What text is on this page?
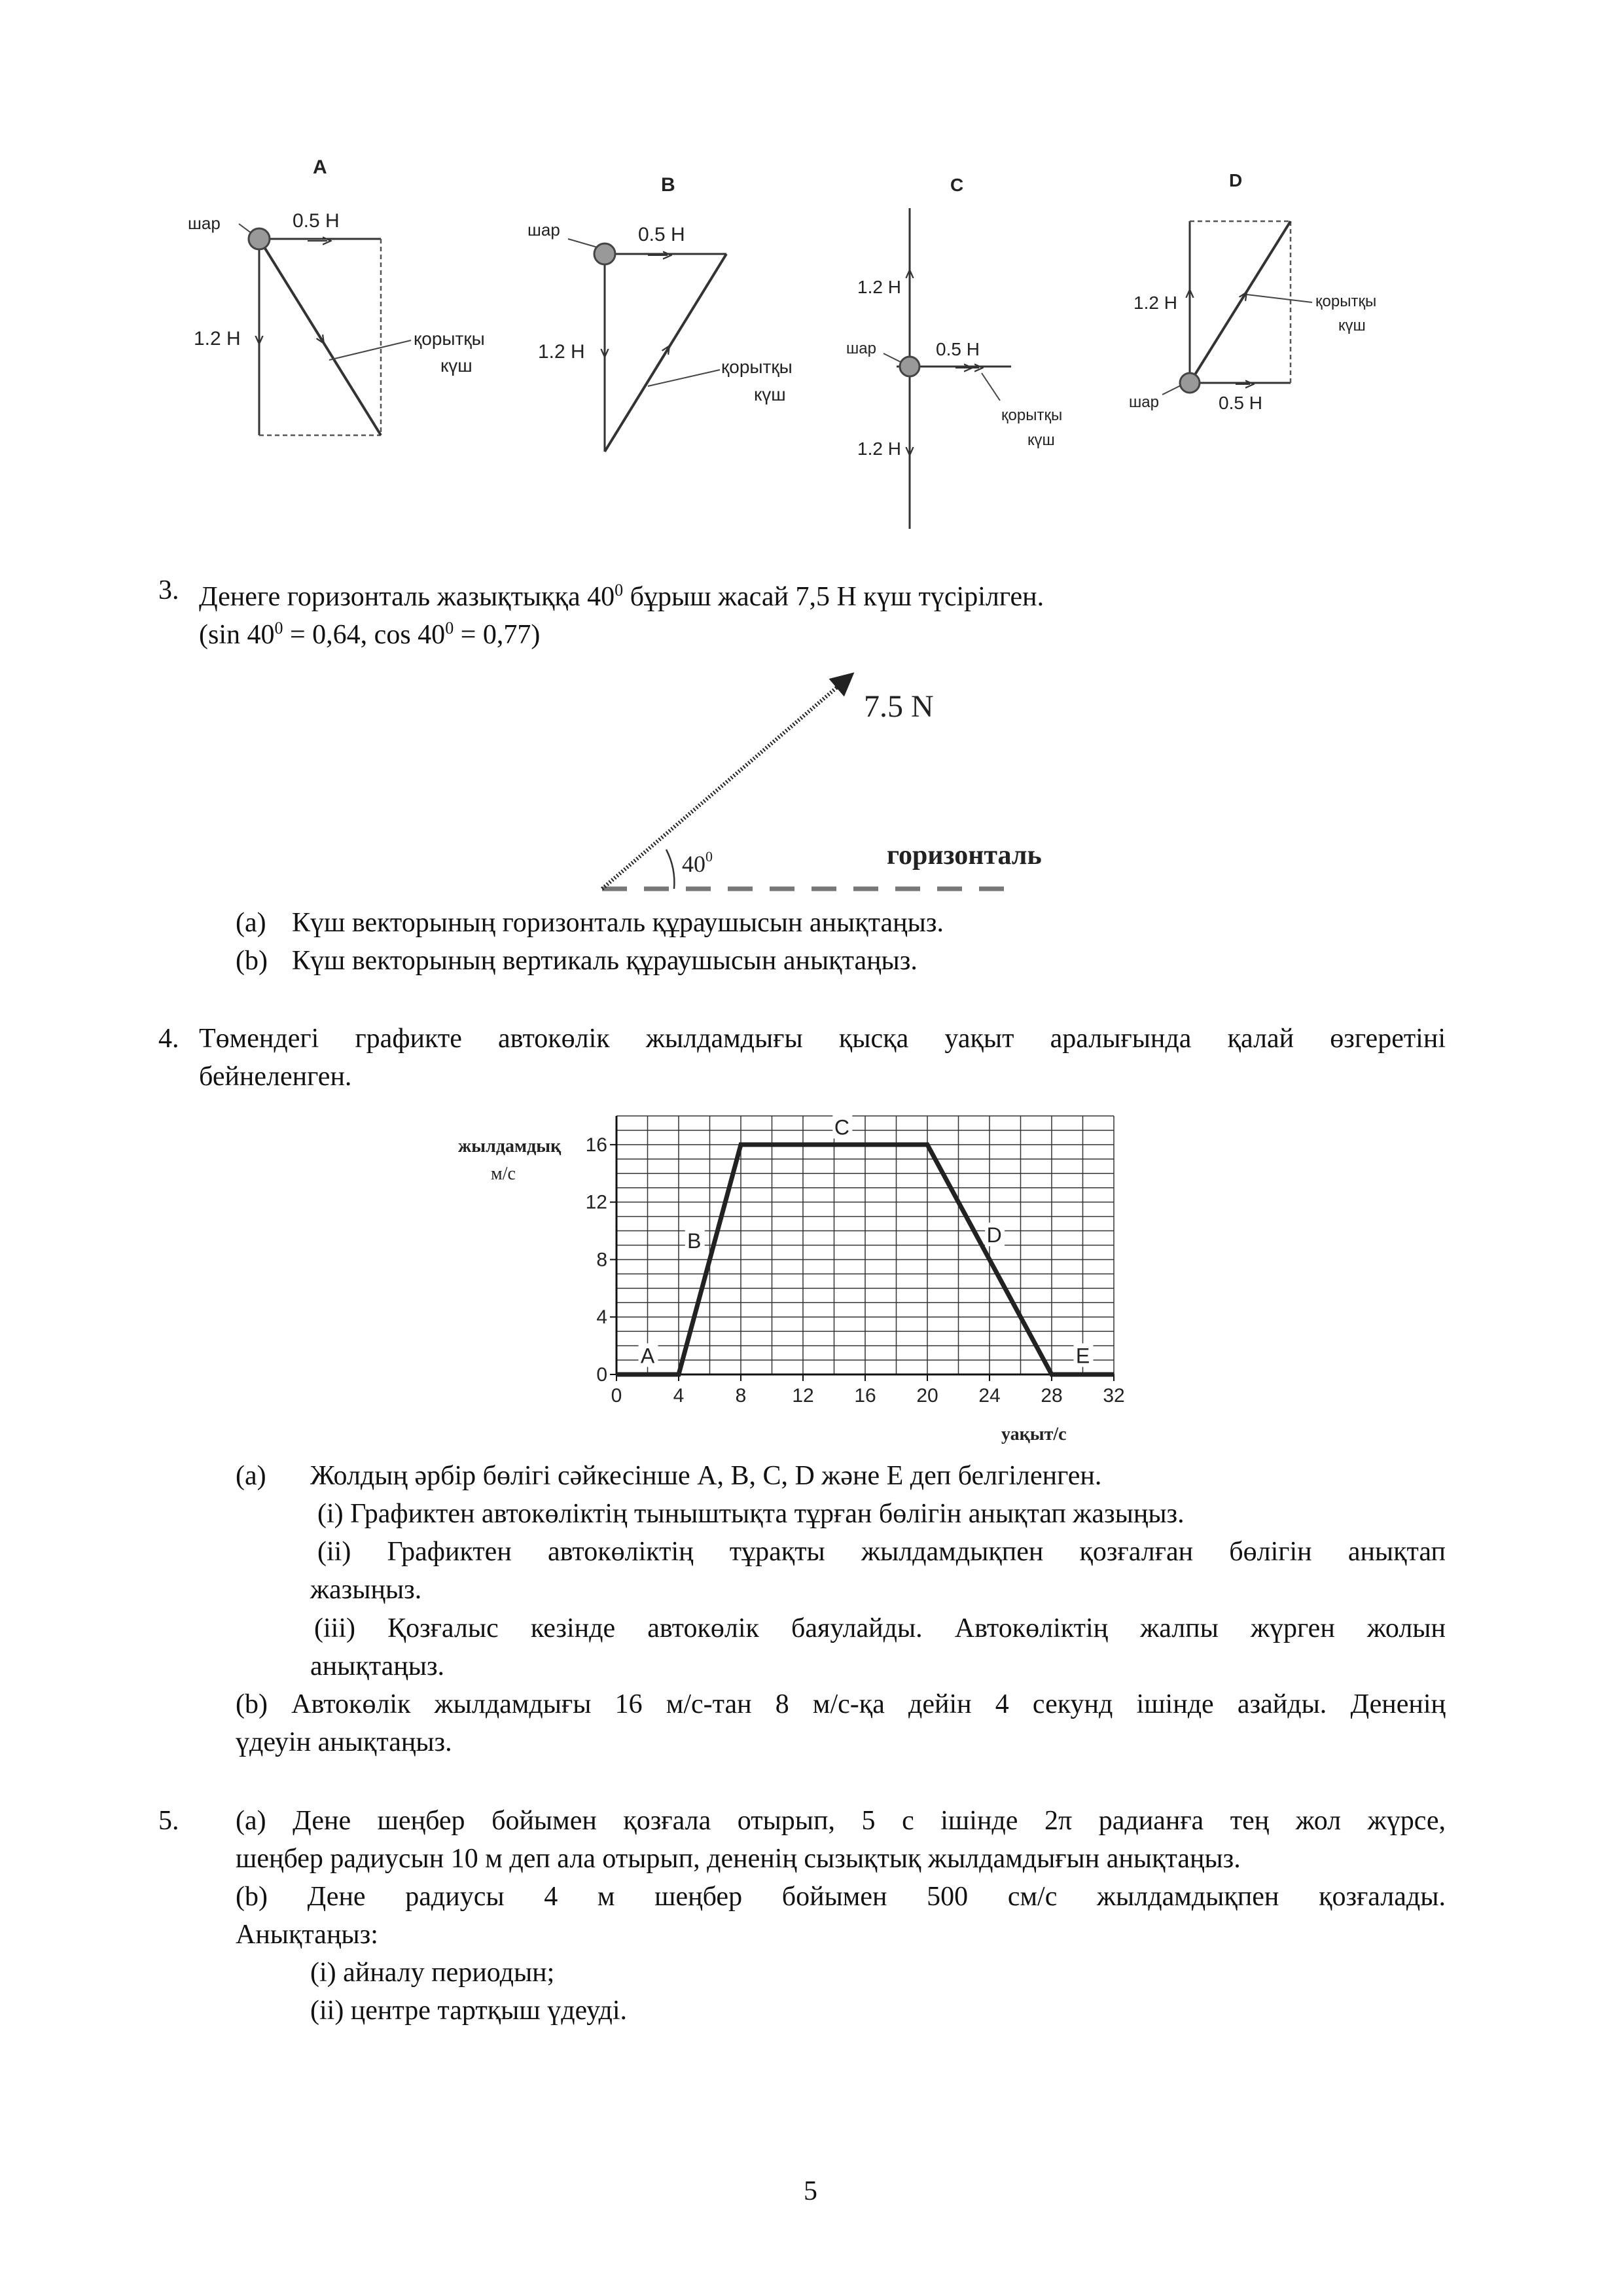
A
шар	0.5 H
1.2 H	қорытқы
күш
B
шар	0.5 H
1.2 H
қорытқы
күш
C
шар	0.5 H
1.2 H
1.2 H
қорытқы
күш
D
шар	0.5 H
1.2 H	қорытқы
күш
3. Денеге горизонталь жазықтыққа $40^0$ бұрыш жасай 7,5 Н күш түсірілген.
(sin $40^0 = 0,64$, $\cos 40^0 = 0,77$)
7.5 N
$40^0$	горизонталь
(a) Күш векторының горизонталь құраушысын анықтаңыз.
(b) Күш векторының вертикаль құраушысын анықтаңыз.
4. Төмендегі графикте автокөлік жылдамдығы қысқа уақыт аралығында қалай өзгеретіні
бейнеленген.
0	4	8 12 16 20 24 28 32
0
4
8
12
16
A
B
C
D
E
жылдамдық
м/с
уақыт/с
(a) Жолдың әрбір бөлігі сәйкесінше А, В, С, D және Е деп белгіленген.
(і) Графиктен автокөліктің тыныштықта тұрған бөлігін анықтап жазыңыз.
(іі) Графиктен автокөліктің тұрақты жылдамдықпен қозғалған бөлігін анықтап
жазыңыз.
(ііі) Қозғалыс кезінде автокөлік баяулайды. Автокөліктің жалпы жүрген жолын
анықтаңыз.
(b) Автокөлік жылдамдығы 16 м/с-тан 8 м/с-қа дейін 4 секунд ішінде азайды. Дененің
үдеуін анықтаңыз.
5. (a) Дене шеңбер бойымен қозғала отырып, 5 с ішінде 2π радианға тең жол жүрсе,
шеңбер радиусын 10 м деп ала отырып, дененің сызықтық жылдамдығын анықтаңыз.
(b) Дене радиусы 4 м шеңбер бойымен 500 см/с жылдамдықпен қозғалады.
Анықтаңыз:
(і) айналу периодын;
(іі) центре тартқыш үдеуді.
5
